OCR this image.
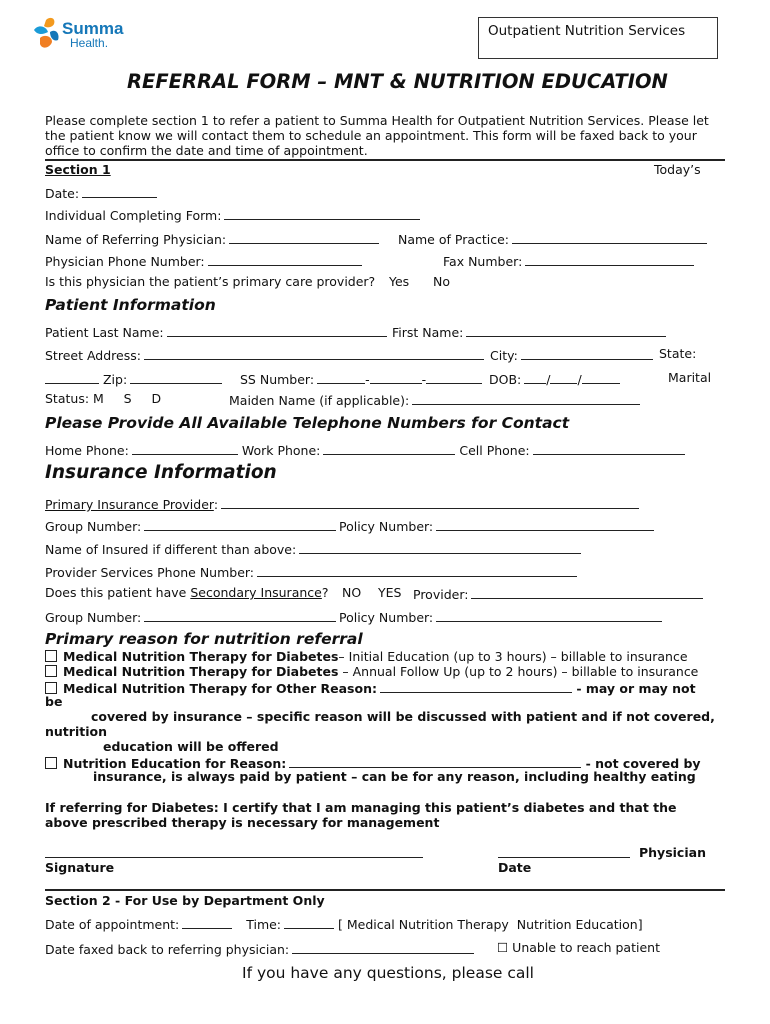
Summa
Health.
Outpatient Nutrition Services
REFERRAL FORM – MNT & NUTRITION EDUCATION
Please complete section 1 to refer a patient to Summa Health for Outpatient Nutrition Services. Please let
the patient know we will contact them to schedule an appointment. This form will be faxed back to your
office to confirm the date and time of appointment.
Section 1	Today’s
Date:
Individual Completing Form:
Name of Referring Physician:	Name of Practice:
Physician Phone Number:	Fax Number:
Is this physician the patient’s primary care provider? Yes No
Patient Information
Patient Last Name:	First Name:
Street Address:	City:	State:
Zip:	SS Number:	-	-	DOB: / /	Marital
Status: M     S     D	Maiden Name (if applicable):
Please Provide All Available Telephone Numbers for Contact
Home Phone:	Work Phone:	Cell Phone:
Insurance Information
Primary Insurance Provider:
Group Number:	Policy Number:
Name of Insured if different than above:
Provider Services Phone Number:
Does this patient have Secondary Insurance? NO YES Provider:
Group Number:	Policy Number:
Primary reason for nutrition referral
Medical Nutrition Therapy for Diabetes– Initial Education (up to 3 hours) – billable to insurance
Medical Nutrition Therapy for Diabetes – Annual Follow Up (up to 2 hours) – billable to insurance
Medical Nutrition Therapy for Other Reason:	- may or may not
be
covered by insurance – specific reason will be discussed with patient and if not covered,
nutrition
education will be offered
Nutrition Education for Reason:	- not covered by
insurance, is always paid by patient – can be for any reason, including healthy eating
If referring for Diabetes: I certify that I am managing this patient’s diabetes and that the
above prescribed therapy is necessary for management
Physician
Signature	Date
Section 2 - For Use by Department Only
Date of appointment:	Time:	[ Medical Nutrition Therapy  Nutrition Education]
Date faxed back to referring physician:	☐ Unable to reach patient
If you have any questions, please call
